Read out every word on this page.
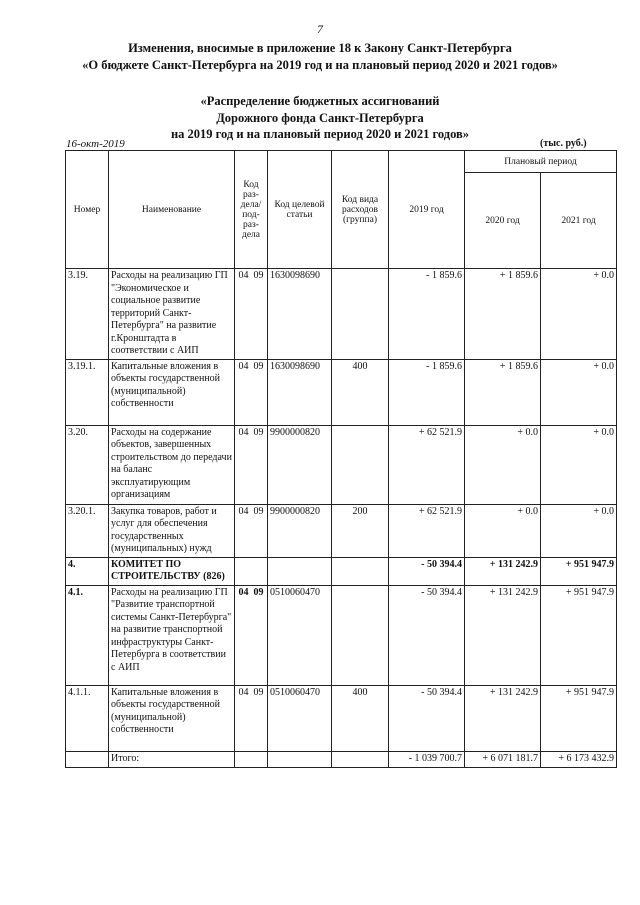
7
Изменения, вносимые в приложение 18 к Закону Санкт-Петербурга
«О бюджете Санкт-Петербурга на 2019 год и на плановый период 2020 и 2021 годов»
«Распределение бюджетных ассигнований
Дорожного фонда Санкт-Петербурга
на 2019 год и на плановый период 2020 и 2021 годов»
16-окт-2019	(тыс. руб.)
Номер	Наименование	Код раз-дела/ под-раз-дела	Код целевой статьи	Код вида расходов (группа)	2019 год	Плановый период	
						2020 год	2021 год
3.19.	Расходы на реализацию ГП "Экономическое и социальное развитие территорий Санкт-Петербурга" на развитие г.Кронштадта в соответствии с АИП	04 09	1630098690		- 1 859.6	+ 1 859.6	+ 0.0
3.19.1.	Капитальные вложения в объекты государственной (муниципальной) собственности	04 09	1630098690	400	- 1 859.6	+ 1 859.6	+ 0.0
3.20.	Расходы на содержание объектов, завершенных строительством до передачи на баланс эксплуатирующим организациям	04 09	9900000820		+ 62 521.9	+ 0.0	+ 0.0
3.20.1.	Закупка товаров, работ и услуг для обеспечения государственных (муниципальных) нужд	04 09	9900000820	200	+ 62 521.9	+ 0.0	+ 0.0
4.	КОМИТЕТ ПО СТРОИТЕЛЬСТВУ (826)				- 50 394.4	+ 131 242.9	+ 951 947.9
4.1.	Расходы на реализацию ГП "Развитие транспортной системы Санкт-Петербурга" на развитие транспортной инфраструктуры Санкт-Петербурга в соответствии с АИП	04 09	0510060470		- 50 394.4	+ 131 242.9	+ 951 947.9
4.1.1.	Капитальные вложения в объекты государственной (муниципальной) собственности	04 09	0510060470	400	- 50 394.4	+ 131 242.9	+ 951 947.9
	Итого:				- 1 039 700.7	+ 6 071 181.7	+ 6 173 432.9
